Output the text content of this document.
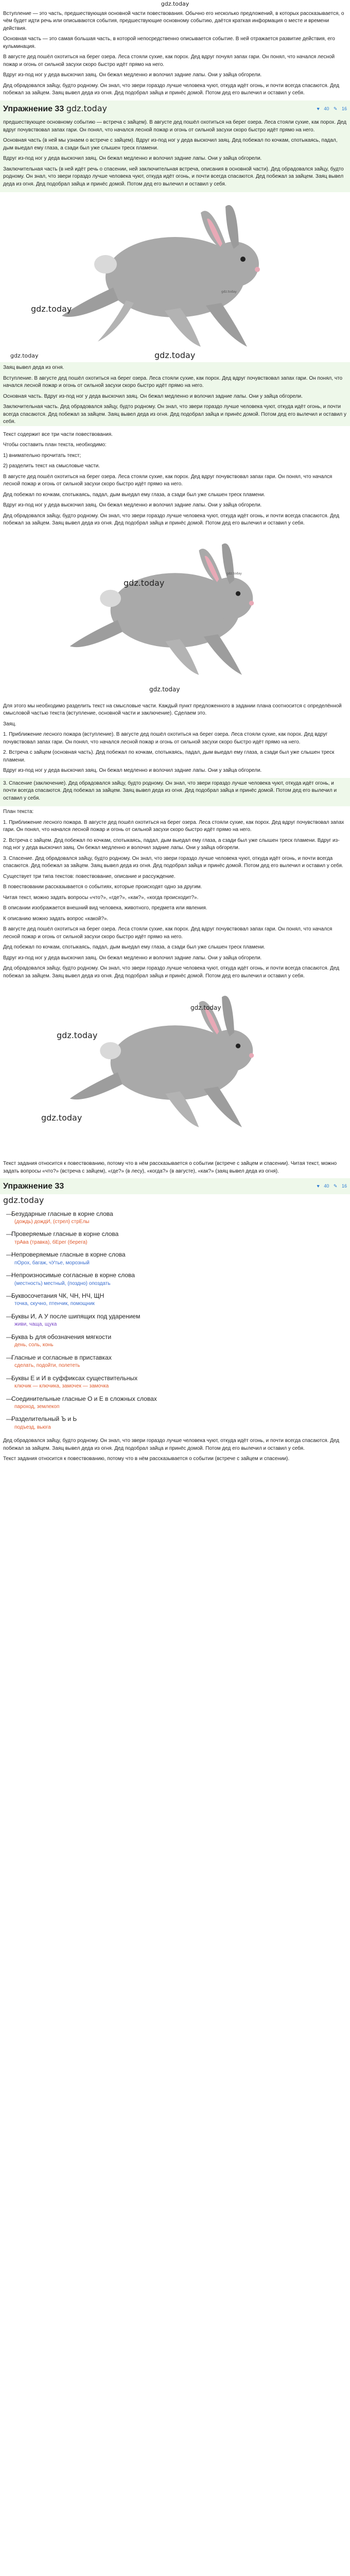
gdz.today

Вступление — это часть, предшествующая основной части повествования. Обычно его несколько предложений, в которых рассказывается, о чём будет идти речь или описываются события, предшествующие основному событию, даётся краткая информация о месте и времени действия.

Основная часть — это самая большая часть, в которой непосредственно описывается событие. В ней отражается развитие действия, его кульминация.

В августе дед пошёл охотиться на берег озера. Леса стояли сухие, как порох. Дед вдруг почуял запах гари. Он понял, что начался лесной пожар и огонь от сильной засухи скоро быстро идёт прямо на него.

Вдруг из-под ног у деда выскочил заяц. Он бежал медленно и волочил задние лапы. Они у зайца обгорели.

Дед обрадовался зайцу, будто родному. Он знал, что звери гораздо лучше человека чуют, откуда идёт огонь, и почти всегда спасаются. Дед побежал за зайцем. Заяц вывел деда из огня. Дед подобрал зайца и принёс домой. Потом дед его вылечил и оставил у себя.

Упражнение 33 gdz.today	♥ 40 ✎ 16

предшествующее основному событию — встреча с зайцем). В августе дед пошёл охотиться на берег озера. Леса стояли сухие, как порох. Дед вдруг почувствовал запах гари. Он понял, что начался лесной пожар и огонь от сильной засухи скоро быстро идёт прямо на него.

Основная часть (в ней мы узнаем о встрече с зайцем). Вдруг из-под ног у деда выскочил заяц. Дед побежал по кочкам, спотыкаясь, падал, дым выедал ему глаза, а сзади был уже слышен треск пламени.

Вдруг из-под ног у деда выскочил заяц. Он бежал медленно и волочил задние лапы. Они у зайца обгорели.

Заключительная часть (в ней идёт речь о спасении, ней заключительная встреча, описания в основной части). Дед обрадовался зайцу, будто родному. Он знал, что звери гораздо лучше человека чуют, откуда идёт огонь, и почти всегда спасаются. Дед побежал за зайцем. Заяц вывел деда из огня. Дед подобрал зайца и принёс домой. Потом дед его вылечил и оставил у себя.

gdz.today
gdz.today
gdz.today	gdz.today

Заяц вывел деда из огня.

Вступление. В августе дед пошёл охотиться на берег озера. Леса стояли сухие, как порох. Дед вдруг почувствовал запах гари. Он понял, что начался лесной пожар и огонь от сильной засухи скоро быстро идёт прямо на него.

Основная часть. Вдруг из-под ног у деда выскочил заяц. Он бежал медленно и волочил задние лапы. Они у зайца обгорели.

Заключительная часть. Дед обрадовался зайцу, будто родному. Он знал, что звери гораздо лучше человека чуют, откуда идёт огонь, и почти всегда спасаются. Дед побежал за зайцем. Заяц вывел деда из огня. Дед подобрал зайца и принёс домой. Потом дед его вылечил и оставил у себя.

Текст содержит все три части повествования.

Чтобы составить план текста, необходимо:

1) внимательно прочитать текст;

2) разделить текст на смысловые части.

В августе дед пошёл охотиться на берег озера. Леса стояли сухие, как порох. Дед вдруг почувствовал запах гари. Он понял, что начался лесной пожар и огонь от сильной засухи скоро быстро идёт прямо на него.

Дед побежал по кочкам, спотыкаясь, падал, дым выедал ему глаза, а сзади был уже слышен треск пламени.

Вдруг из-под ног у деда выскочил заяц. Он бежал медленно и волочил задние лапы. Они у зайца обгорели.

Дед обрадовался зайцу, будто родному. Он знал, что звери гораздо лучше человека чуют, откуда идёт огонь, и почти всегда спасаются. Дед побежал за зайцем. Заяц вывел деда из огня. Дед подобрал зайца и принёс домой. Потом дед его вылечил и оставил у себя.

gdz.today
gdz.today
gdz.today

Для этого мы необходимо разделить текст на смысловые части. Каждый пункт предложенного в задании плана соотносится с определённой смысловой частью текста (вступление, основной части и заключение). Сделаем это.

Заяц.

1. Приближение лесного пожара (вступление). В августе дед пошёл охотиться на берег озера. Леса стояли сухие, как порох. Дед вдруг почувствовал запах гари. Он понял, что начался лесной пожар и огонь от сильной засухи скоро быстро идёт прямо на него.

2. Встреча с зайцем (основная часть). Дед побежал по кочкам, спотыкаясь, падал, дым выедал ему глаза, а сзади был уже слышен треск пламени.

Вдруг из-под ног у деда выскочил заяц. Он бежал медленно и волочил задние лапы. Они у зайца обгорели.

3. Спасение (заключение). Дед обрадовался зайцу, будто родному. Он знал, что звери гораздо лучше человека чуют, откуда идёт огонь, и почти всегда спасаются. Дед побежал за зайцем. Заяц вывел деда из огня. Дед подобрал зайца и принёс домой. Потом дед его вылечил и оставил у себя.

План текста:

1. Приближение лесного пожара. В августе дед пошёл охотиться на берег озера. Леса стояли сухие, как порох. Дед вдруг почувствовал запах гари. Он понял, что начался лесной пожар и огонь от сильной засухи скоро быстро идёт прямо на него.

2. Встреча с зайцем. Дед побежал по кочкам, спотыкаясь, падал, дым выедал ему глаза, а сзади был уже слышен треск пламени. Вдруг из-под ног у деда выскочил заяц. Он бежал медленно и волочил задние лапы. Они у зайца обгорели.

3. Спасение. Дед обрадовался зайцу, будто родному. Он знал, что звери гораздо лучше человека чуют, откуда идёт огонь, и почти всегда спасаются. Дед побежал за зайцем. Заяц вывел деда из огня. Дед подобрал зайца и принёс домой. Потом дед его вылечил и оставил у себя.

Существует три типа текстов: повествование, описание и рассуждение.

В повествовании рассказывается о событиях, которые происходят одно за другим.

Читая текст, можно задать вопросы «что?», «где?», «как?», «когда происходит?».

В описании изображается внешний вид человека, животного, предмета или явления.

К описанию можно задать вопрос «какой?».

В августе дед пошёл охотиться на берег озера. Леса стояли сухие, как порох. Дед вдруг почувствовал запах гари. Он понял, что начался лесной пожар и огонь от сильной засухи скоро быстро идёт прямо на него.

Дед побежал по кочкам, спотыкаясь, падал, дым выедал ему глаза, а сзади был уже слышен треск пламени.

Вдруг из-под ног у деда выскочил заяц. Он бежал медленно и волочил задние лапы. Они у зайца обгорели.

Дед обрадовался зайцу, будто родному. Он знал, что звери гораздо лучше человека чуют, откуда идёт огонь, и почти всегда спасаются. Дед побежал за зайцем. Заяц вывел деда из огня. Дед подобрал зайца и принёс домой. Потом дед его вылечил и оставил у себя.

gdz.today
gdz.today
gdz.today

Текст задания относится к повествованию, потому что в нём рассказывается о событии (встрече с зайцем и спасении). Читая текст, можно задать вопросы «что?» (встреча с зайцем), «где?» (в лесу), «когда?» (в августе), «как?» (заяц вывел деда из огня).

Упражнение 33	♥ 40 ✎ 16
gdz.today
—Безударные гласные в корне слова
(дождь) дождИ, (стрел) стрЕлы
—Проверяемые гласные в корне слова
трАва (травка), бЕрег (берега)
—Непроверяемые гласные в корне слова
пОрох, багаж, чУтье, морозный
—Непроизносимые согласные в корне слова
(местность) местный, (поздно) опоздать
—Буквосочетания ЧК, ЧН, НЧ, ЩН
точка, скучно, птенчик, помощник
—Буквы И, А У после шипящих под ударением
живи, чаща, щука
—Буква Ь для обозначения мягкости
день, соль, конь
—Гласные и согласные в приставках
сделать, подойти, полететь
—Буквы Е и И в суффиксах существительных
ключик — ключика, замочек — замочка
—Соединительные гласные О и Е в сложных словах
пароход, землекоп
—Разделительный Ъ и Ь
подъезд, вьюга

Дед обрадовался зайцу, будто родному. Он знал, что звери гораздо лучше человека чуют, откуда идёт огонь, и почти всегда спасаются. Дед побежал за зайцем. Заяц вывел деда из огня. Дед подобрал зайца и принёс домой. Потом дед его вылечил и оставил у себя.

Текст задания относится к повествованию, потому что в нём рассказывается о событии (встрече с зайцем и спасении).
